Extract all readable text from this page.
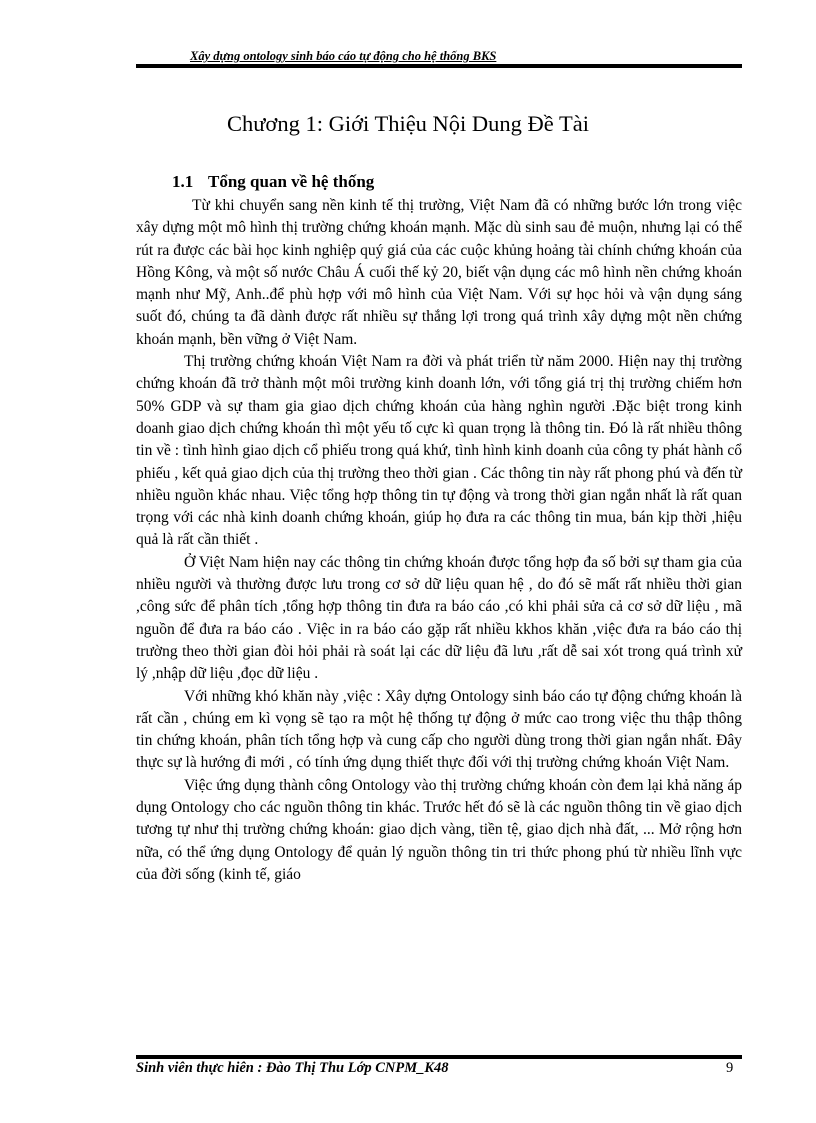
Xây dựng ontology sinh báo cáo tự động cho hệ thống BKS
Chương 1: Giới Thiệu Nội Dung Đề Tài
1.1 Tổng quan về hệ thống

Từ khi chuyển sang nền kinh tế thị trường, Việt Nam đã có những bước lớn trong việc xây dựng một mô hình thị trường chứng khoán mạnh. Mặc dù sinh sau đẻ muộn, nhưng lại có thể rút ra được các bài học kinh nghiệp quý giá của các cuộc khủng hoảng tài chính chứng khoán của Hồng Kông, và một số nước Châu Á cuối thế kỷ 20, biết vận dụng các mô hình nền chứng khoán mạnh như Mỹ, Anh..để phù hợp với mô hình của Việt Nam. Với sự học hỏi và vận dụng sáng suốt đó, chúng ta đã dành được rất nhiều sự thắng lợi trong quá trình xây dựng một nền chứng khoán mạnh, bền vững ở Việt Nam.

Thị trường chứng khoán Việt Nam ra đời và phát triển từ năm 2000. Hiện nay thị trường chứng khoán đã trở thành một môi trường kinh doanh lớn, với tổng giá trị thị trường chiếm hơn 50% GDP và sự tham gia giao dịch chứng khoán của hàng nghìn người .Đặc biệt trong kinh doanh giao dịch chứng khoán thì một yếu tố cực kì quan trọng là thông tin. Đó là rất nhiều thông tin về : tình hình giao dịch cổ phiếu trong quá khứ, tình hình kinh doanh của công ty phát hành cổ phiếu , kết quả giao dịch của thị trường theo thời gian . Các thông tin này rất phong phú và đến từ nhiều nguồn khác nhau. Việc tổng hợp thông tin tự động và trong thời gian ngắn nhất là rất quan trọng với các nhà kinh doanh chứng khoán, giúp họ đưa ra các thông tin mua, bán kịp thời ,hiệu quả là rất cần thiết .

Ở Việt Nam hiện nay các thông tin chứng khoán được tổng hợp đa số bởi sự tham gia của nhiều người và thường được lưu trong cơ sở dữ liệu quan hệ , do đó sẽ mất rất nhiều thời gian ,công sức để phân tích ,tổng hợp thông tin đưa ra báo cáo ,có khi phải sửa cả cơ sở dữ liệu , mã nguồn để đưa ra báo cáo . Việc in ra báo cáo gặp rất nhiều kkhos khăn ,việc đưa ra báo cáo thị trường theo thời gian đòi hỏi phải rà soát lại các dữ liệu đã lưu ,rất dễ sai xót trong quá trình xử lý ,nhập dữ liệu ,đọc dữ liệu .

Với những khó khăn này ,việc : Xây dựng Ontology sinh báo cáo tự động chứng khoán là rất cần , chúng em kì vọng sẽ tạo ra một hệ thống tự động ở mức cao trong việc thu thập thông tin chứng khoán, phân tích tổng hợp và cung cấp cho người dùng trong thời gian ngắn nhất. Đây thực sự là hướng đi mới , có tính ứng dụng thiết thực đối với thị trường chứng khoán Việt Nam.

Việc ứng dụng thành công Ontology vào thị trường chứng khoán còn đem lại khả năng áp dụng Ontology cho các nguồn thông tin khác. Trước hết đó sẽ là các nguồn thông tin về giao dịch tương tự như thị trường chứng khoán: giao dịch vàng, tiền tệ, giao dịch nhà đất, ... Mở rộng hơn nữa, có thể ứng dụng Ontology để quản lý nguồn thông tin tri thức phong phú từ nhiều lĩnh vực của đời sống (kinh tế, giáo

Sinh viên thực hiên : Đào Thị Thu Lớp CNPM_K48	9
